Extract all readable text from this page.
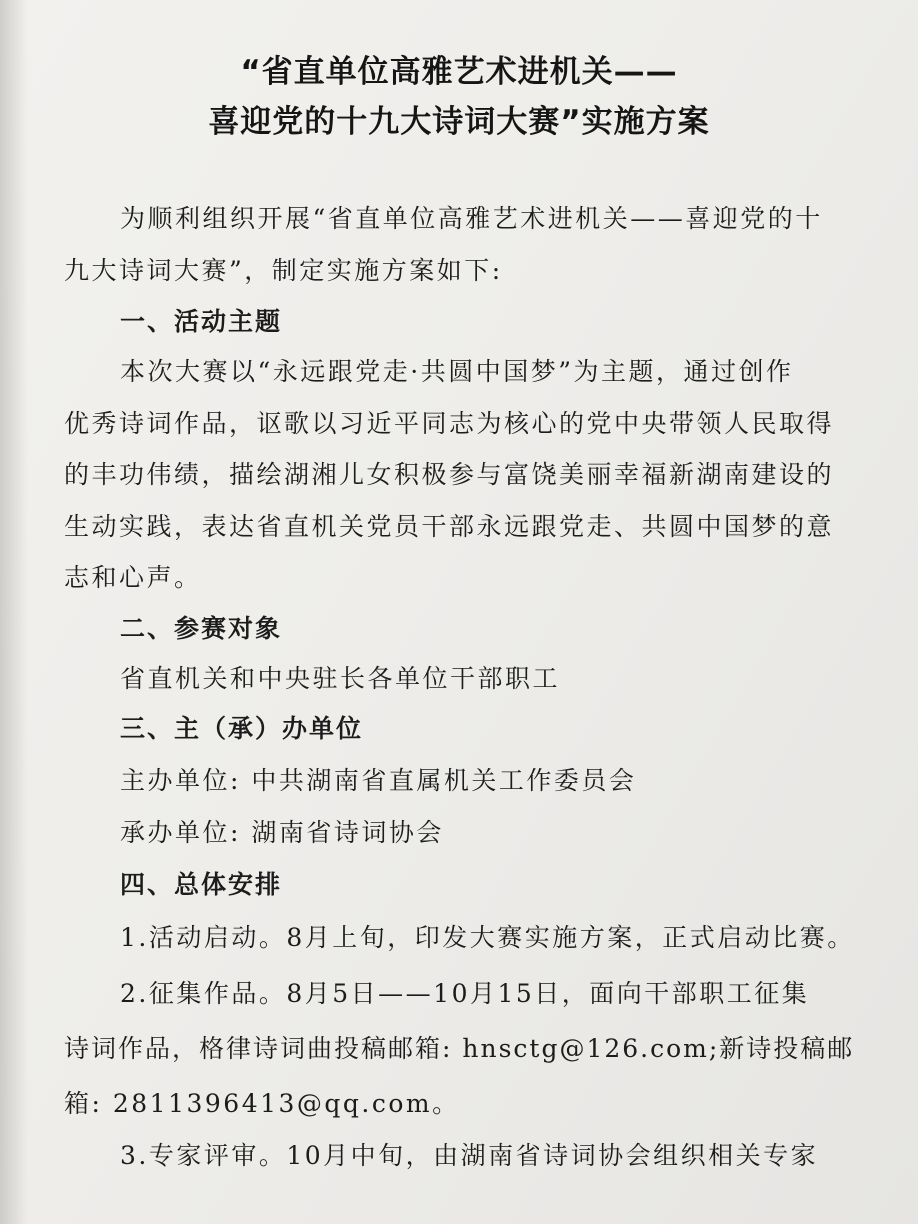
“省直单位高雅艺术进机关——
喜迎党的十九大诗词大赛”实施方案
为顺利组织开展“省直单位高雅艺术进机关——喜迎党的十
九大诗词大赛”，制定实施方案如下:
一、活动主题
本次大赛以“永远跟党走·共圆中国梦”为主题，通过创作
优秀诗词作品，讴歌以习近平同志为核心的党中央带领人民取得
的丰功伟绩，描绘湖湘儿女积极参与富饶美丽幸福新湖南建设的
生动实践，表达省直机关党员干部永远跟党走、共圆中国梦的意
志和心声。
二、参赛对象
省直机关和中央驻长各单位干部职工
三、主（承）办单位
主办单位: 中共湖南省直属机关工作委员会
承办单位: 湖南省诗词协会
四、总体安排
1.活动启动。8月上旬，印发大赛实施方案，正式启动比赛。
2.征集作品。8月5日——10月15日，面向干部职工征集
诗词作品，格律诗词曲投稿邮箱: hnsctg@126.com;新诗投稿邮
箱: 2811396413@qq.com。
3.专家评审。10月中旬，由湖南省诗词协会组织相关专家
